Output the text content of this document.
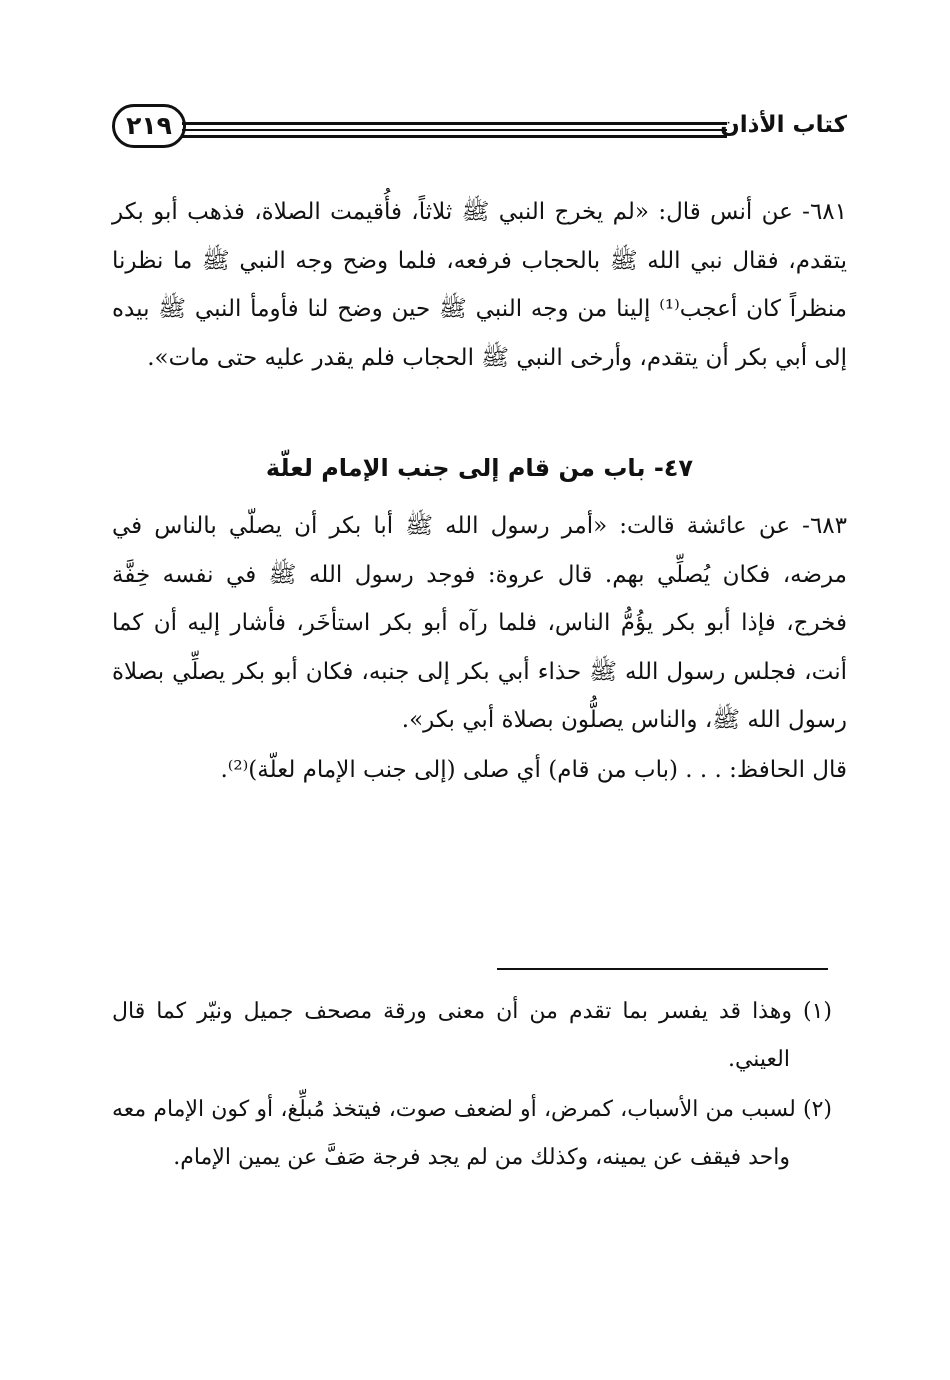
كتاب الأذان
٢١٩

٦٨١- عن أنس قال: «لم يخرج النبي ﷺ ثلاثاً، فأُقيمت الصلاة، فذهب أبو بكر يتقدم، فقال نبي الله ﷺ بالحجاب فرفعه، فلما وضح وجه النبي ﷺ ما نظرنا منظراً كان أعجب⁽¹⁾ إلينا من وجه النبي ﷺ حين وضح لنا فأومأ النبي ﷺ بيده إلى أبي بكر أن يتقدم، وأرخى النبي ﷺ الحجاب فلم يقدر عليه حتى مات».

٤٧- باب من قام إلى جنب الإمام لعلّة

٦٨٣- عن عائشة قالت: «أمر رسول الله ﷺ أبا بكر أن يصلّي بالناس في مرضه، فكان يُصلِّي بهم. قال عروة: فوجد رسول الله ﷺ في نفسه خِفَّة فخرج، فإذا أبو بكر يؤُمُّ الناس، فلما رآه أبو بكر استأخَر، فأشار إليه أن كما أنت، فجلس رسول الله ﷺ حذاء أبي بكر إلى جنبه، فكان أبو بكر يصلِّي بصلاة رسول الله ﷺ، والناس يصلُّون بصلاة أبي بكر».

قال الحافظ: . . . (باب من قام) أي صلى (إلى جنب الإمام لعلّة)⁽²⁾.

(١) وهذا قد يفسر بما تقدم من أن معنى ورقة مصحف جميل ونيّر كما قال العيني.

(٢) لسبب من الأسباب، كمرض، أو لضعف صوت، فيتخذ مُبلِّغ، أو كون الإمام معه واحد فيقف عن يمينه، وكذلك من لم يجد فرجة صَفَّ عن يمين الإمام.
